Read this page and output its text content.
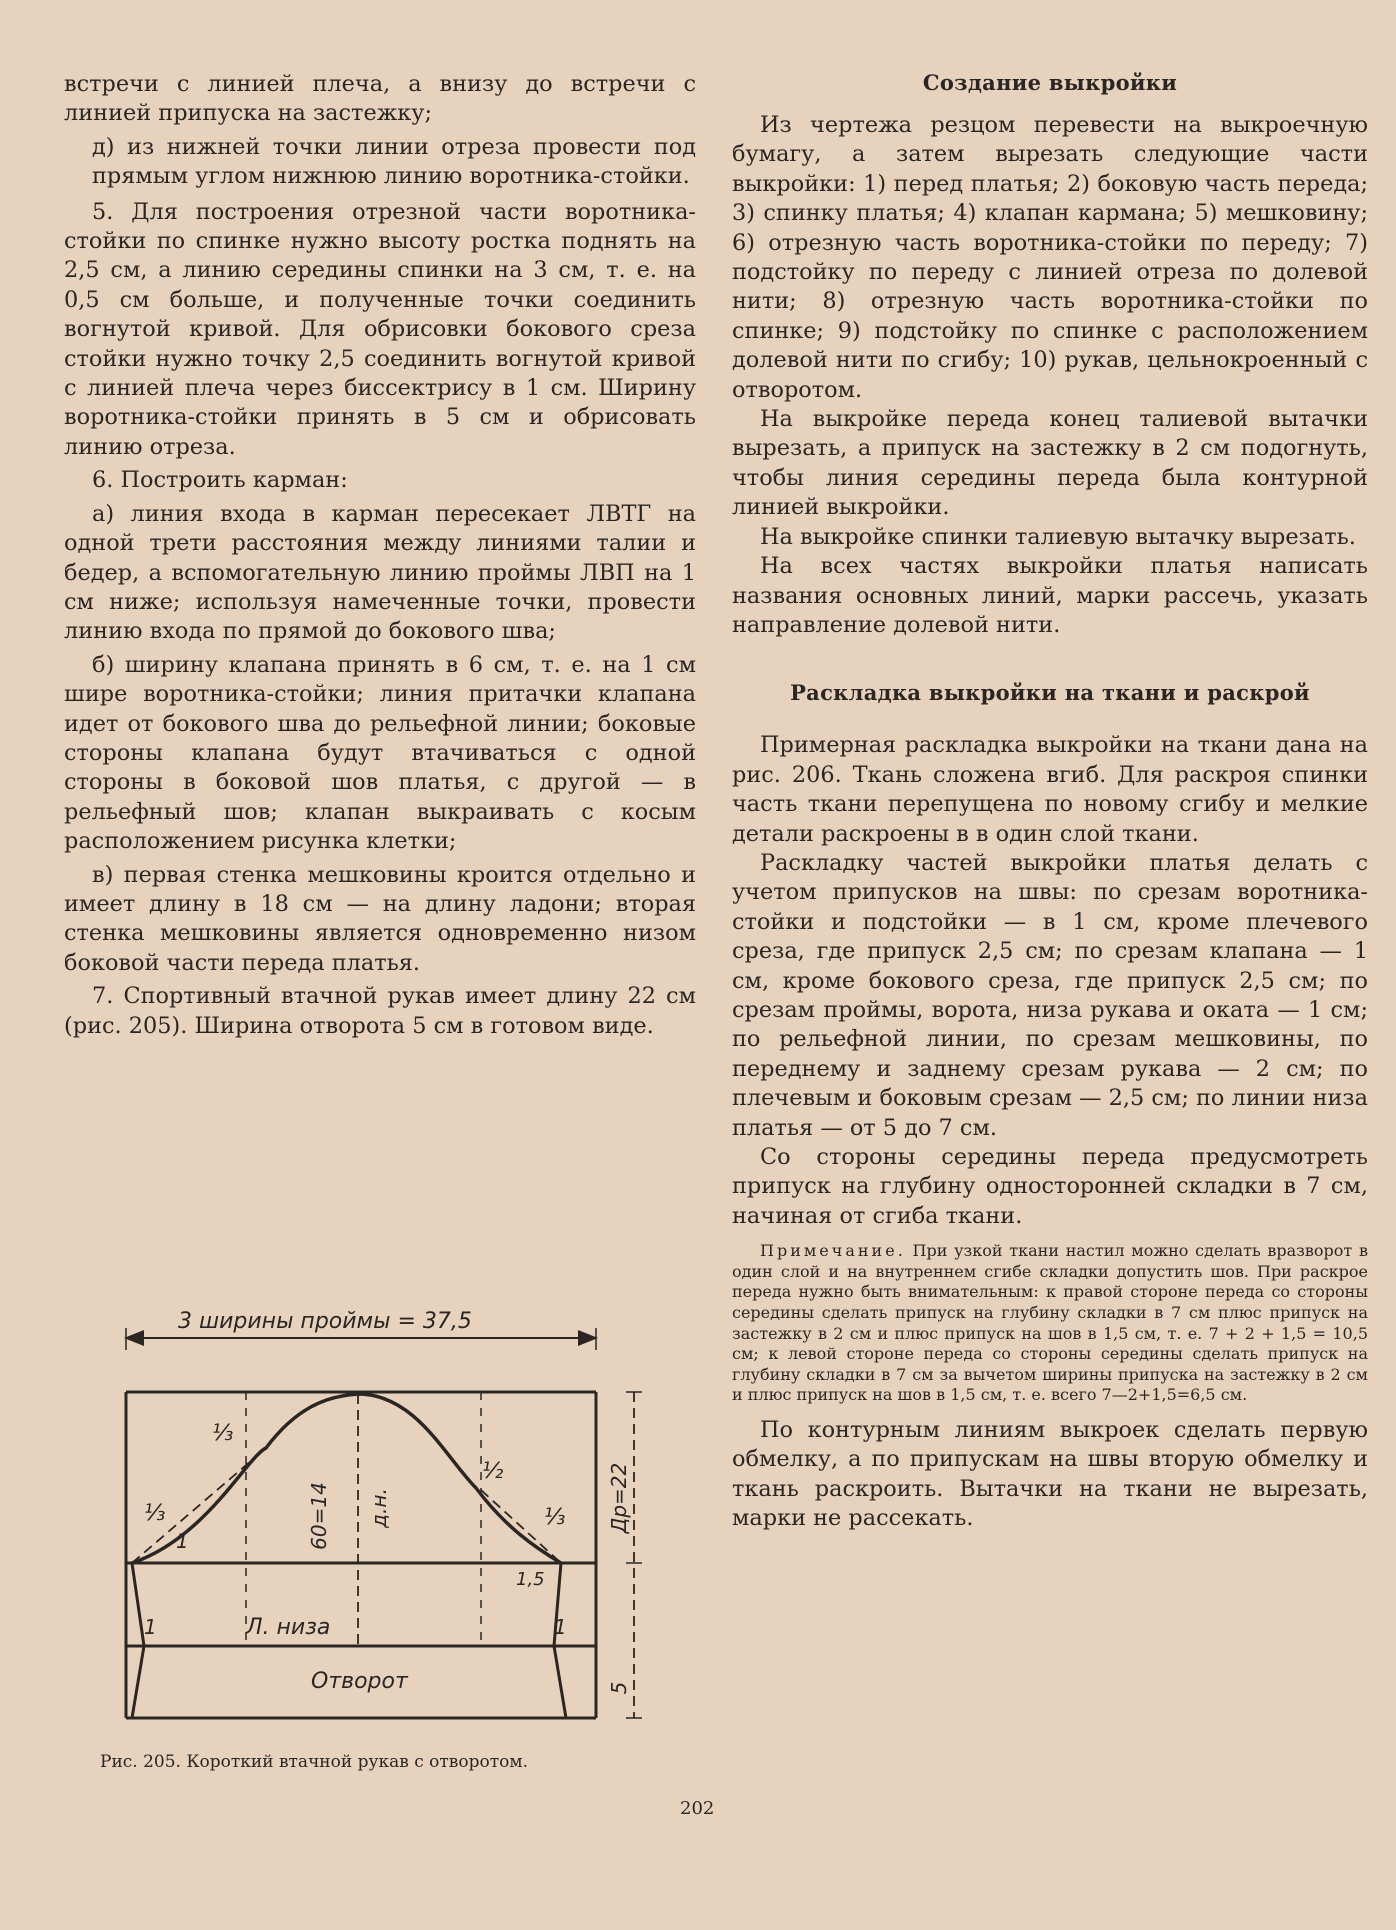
встречи с линией плеча, а внизу до встречи с линией припуска на застежку;

д) из нижней точки линии отреза провести под прямым углом нижнюю линию воротника-стойки.

5. Для построения отрезной части воротника-стойки по спинке нужно высоту ростка поднять на 2,5 см, а линию середины спинки на 3 см, т. е. на 0,5 см больше, и полученные точки соединить вогнутой кривой. Для обрисовки бокового среза стойки нужно точку 2,5 соединить вогнутой кривой с линией плеча через биссектрису в 1 см. Ширину воротника-стойки принять в 5 см и обрисовать линию отреза.

6. Построить карман:

а) линия входа в карман пересекает ЛВТГ на одной трети расстояния между линиями талии и бедер, а вспомогательную линию проймы ЛВП на 1 см ниже; используя намеченные точки, провести линию входа по прямой до бокового шва;

б) ширину клапана принять в 6 см, т. е. на 1 см шире воротника-стойки; линия притачки клапана идет от бокового шва до рельефной линии; боковые стороны клапана будут втачиваться с одной стороны в боковой шов платья, с другой — в рельефный шов; клапан выкраивать с косым расположением рисунка клетки;

в) первая стенка мешковины кроится отдельно и имеет длину в 18 см — на длину ладони; вторая стенка мешковины является одновременно низом боковой части переда платья.

7. Спортивный втачной рукав имеет длину 22 см (рис. 205). Ширина отворота 5 см в готовом виде.

Создание выкройки

Из чертежа резцом перевести на выкроечную бумагу, а затем вырезать следующие части выкройки: 1) перед платья; 2) боковую часть переда; 3) спинку платья; 4) клапан кармана; 5) мешковину; 6) отрезную часть воротника-стойки по переду; 7) подстойку по переду с линией отреза по долевой нити; 8) отрезную часть воротника-стойки по спинке; 9) подстойку по спинке с расположением долевой нити по сгибу; 10) рукав, цельнокроенный с отворотом.

На выкройке переда конец талиевой вытачки вырезать, а припуск на застежку в 2 см подогнуть, чтобы линия середины переда была контурной линией выкройки.

На выкройке спинки талиевую вытачку вырезать.

На всех частях выкройки платья написать названия основных линий, марки рассечь, указать направление долевой нити.

Раскладка выкройки на ткани и раскрой

Примерная раскладка выкройки на ткани дана на рис. 206. Ткань сложена вгиб. Для раскроя спинки часть ткани перепущена по новому сгибу и мелкие детали раскроены в в один слой ткани.

Раскладку частей выкройки платья делать с учетом припусков на швы: по срезам воротника-стойки и подстойки — в 1 см, кроме плечевого среза, где припуск 2,5 см; по срезам клапана — 1 см, кроме бокового среза, где припуск 2,5 см; по срезам проймы, ворота, низа рукава и оката — 1 см; по рельефной линии, по срезам мешковины, по переднему и заднему срезам рукава — 2 см; по плечевым и боковым срезам — 2,5 см; по линии низа платья — от 5 до 7 см.

Со стороны середины переда предусмотреть припуск на глубину односторонней складки в 7 см, начиная от сгиба ткани.

Примечание. При узкой ткани настил можно сделать вразворот в один слой и на внутреннем сгибе складки допустить шов. При раскрое переда нужно быть внимательным: к правой стороне переда со стороны середины сделать припуск на глубину складки в 7 см плюс припуск на застежку в 2 см и плюс припуск на шов в 1,5 см, т. е. 7 + 2 + 1,5 = 10,5 см; к левой стороне переда со стороны середины сделать припуск на глубину складки в 7 см за вычетом ширины припуска на застежку в 2 см и плюс припуск на шов в 1,5 см, т. е. всего 7—2+1,5=6,5 см.

По контурным линиям выкроек сделать первую обмелку, а по припускам на швы вторую обмелку и ткань раскроить. Вытачки на ткани не вырезать, марки не рассекать.

3 ширины проймы = 37,5
60=14 д.н.	Др=22
5
⅓
⅓
1
½
⅓
1,5
Л. низа
1	1
Отворот
Рис. 205. Короткий втачной рукав с отворотом.
202
